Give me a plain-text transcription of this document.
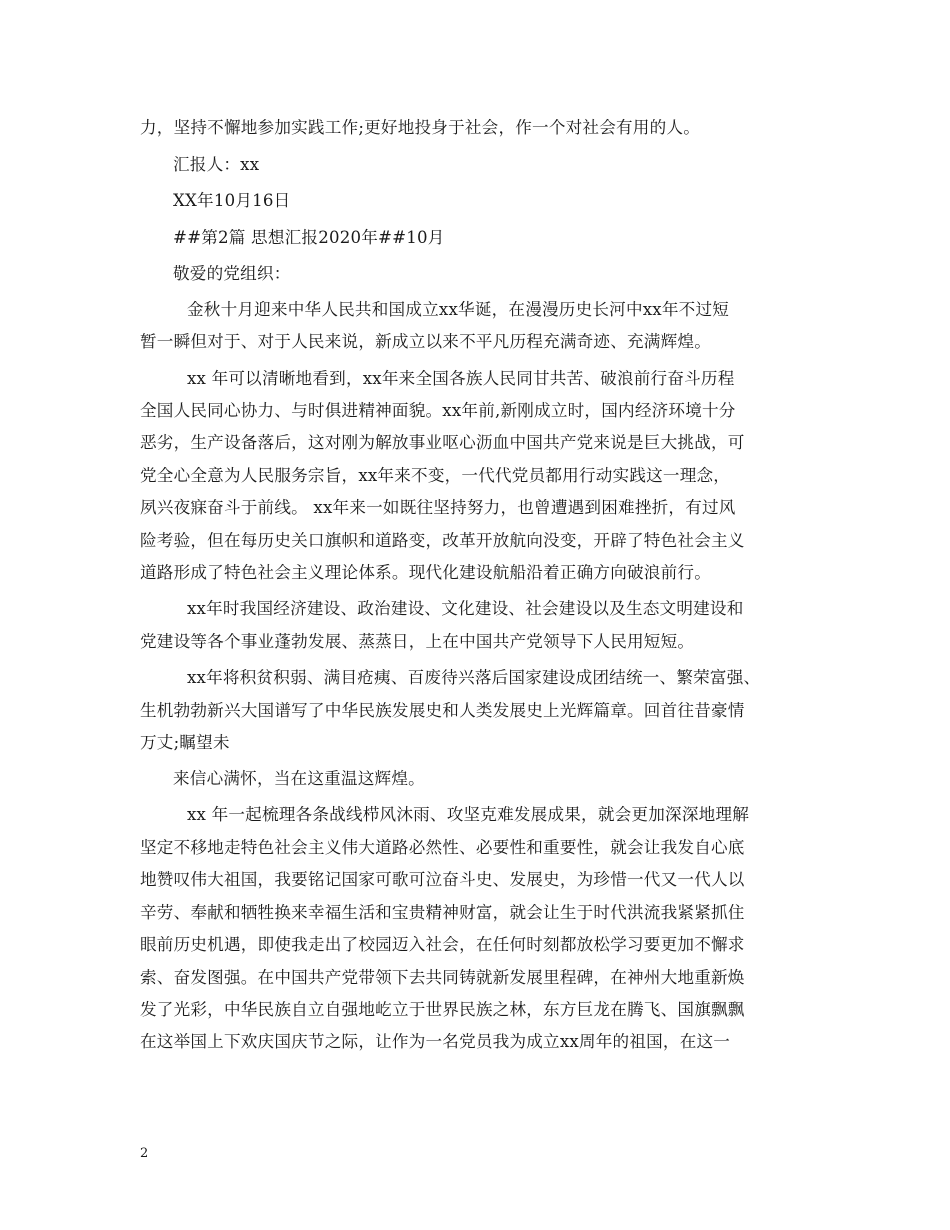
力，坚持不懈地参加实践工作;更好地投身于社会，作一个对社会有用的人。
汇报人：xx
XX年10月16日
##第2篇 思想汇报2020年##10月
敬爱的党组织：
金秋十月迎来中华人民共和国成立xx华诞，在漫漫历史长河中xx年不过短
暂一瞬但对于、对于人民来说，新成立以来不平凡历程充满奇迹、充满辉煌。
xx 年可以清晰地看到，xx年来全国各族人民同甘共苦、破浪前行奋斗历程
全国人民同心协力、与时俱进精神面貌。xx年前,新刚成立时，国内经济环境十分
恶劣，生产设备落后，这对刚为解放事业呕心沥血中国共产党来说是巨大挑战，可
党全心全意为人民服务宗旨，xx年来不变，一代代党员都用行动实践这一理念，
夙兴夜寐奋斗于前线。 xx年来一如既往坚持努力，也曾遭遇到困难挫折，有过风
险考验，但在每历史关口旗帜和道路变，改革开放航向没变，开辟了特色社会主义
道路形成了特色社会主义理论体系。现代化建设航船沿着正确方向破浪前行。
xx年时我国经济建设、政治建设、文化建设、社会建设以及生态文明建设和
党建设等各个事业蓬勃发展、蒸蒸日，上在中国共产党领导下人民用短短。
xx年将积贫积弱、满目疮痍、百废待兴落后国家建设成团结统一、繁荣富强、
生机勃勃新兴大国谱写了中华民族发展史和人类发展史上光辉篇章。回首往昔豪情
万丈;瞩望未
来信心满怀，当在这重温这辉煌。
xx 年一起梳理各条战线栉风沐雨、攻坚克难发展成果，就会更加深深地理解
坚定不移地走特色社会主义伟大道路必然性、必要性和重要性，就会让我发自心底
地赞叹伟大祖国，我要铭记国家可歌可泣奋斗史、发展史，为珍惜一代又一代人以
辛劳、奉献和牺牲换来幸福生活和宝贵精神财富，就会让生于时代洪流我紧紧抓住
眼前历史机遇，即使我走出了校园迈入社会，在任何时刻都放松学习要更加不懈求
索、奋发图强。在中国共产党带领下去共同铸就新发展里程碑，在神州大地重新焕
发了光彩，中华民族自立自强地屹立于世界民族之林，东方巨龙在腾飞、国旗飘飘
在这举国上下欢庆国庆节之际，让作为一名党员我为成立xx周年的祖国，在这一
2
